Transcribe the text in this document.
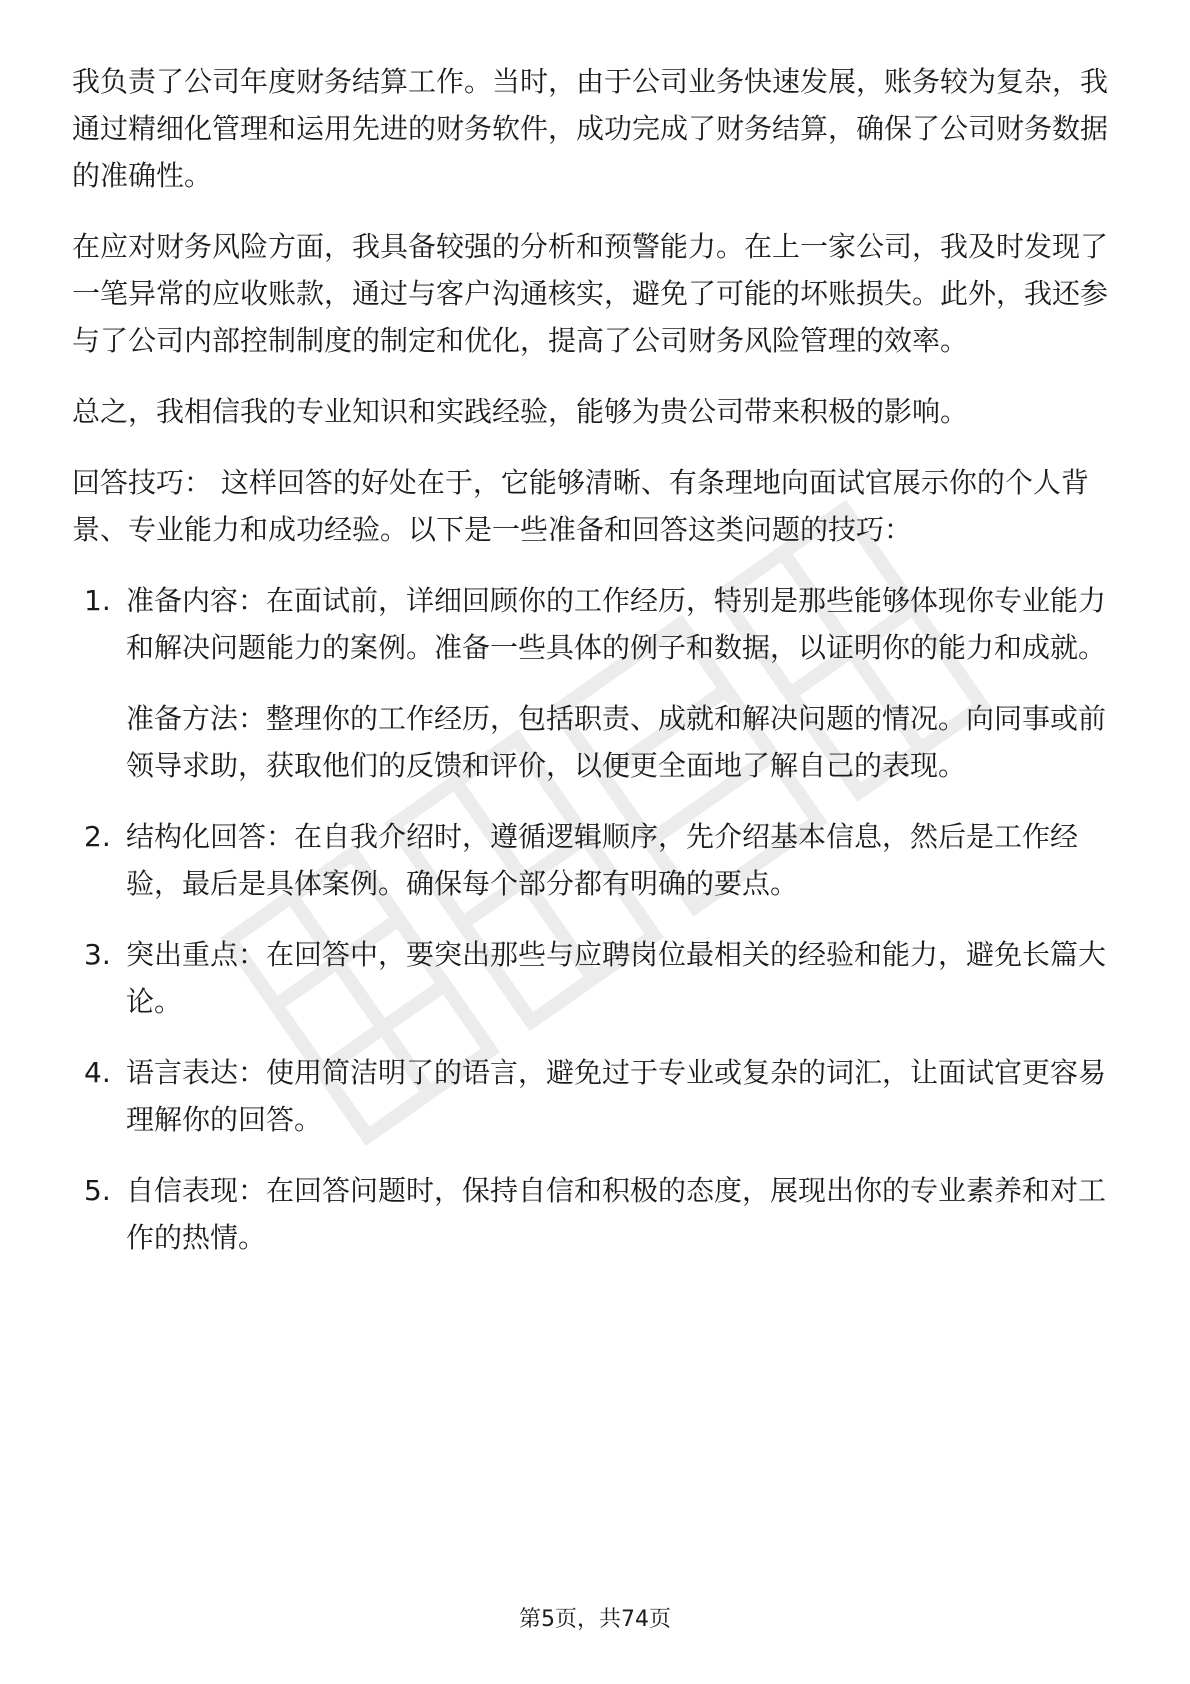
我负责了公司年度财务结算工作。当时，由于公司业务快速发展，账务较为复杂，我通过精细化管理和运用先进的财务软件，成功完成了财务结算，确保了公司财务数据的准确性。

在应对财务风险方面，我具备较强的分析和预警能力。在上一家公司，我及时发现了一笔异常的应收账款，通过与客户沟通核实，避免了可能的坏账损失。此外，我还参与了公司内部控制制度的制定和优化，提高了公司财务风险管理的效率。

总之，我相信我的专业知识和实践经验，能够为贵公司带来积极的影响。

回答技巧： 这样回答的好处在于，它能够清晰、有条理地向面试官展示你的个人背景、专业能力和成功经验。以下是一些准备和回答这类问题的技巧：

1. 准备内容：在面试前，详细回顾你的工作经历，特别是那些能够体现你专业能力和解决问题能力的案例。准备一些具体的例子和数据，以证明你的能力和成就。

准备方法：整理你的工作经历，包括职责、成就和解决问题的情况。向同事或前领导求助，获取他们的反馈和评价，以便更全面地了解自己的表现。

2. 结构化回答：在自我介绍时，遵循逻辑顺序，先介绍基本信息，然后是工作经验，最后是具体案例。确保每个部分都有明确的要点。

3. 突出重点：在回答中，要突出那些与应聘岗位最相关的经验和能力，避免长篇大论。

4. 语言表达：使用简洁明了的语言，避免过于专业或复杂的词汇，让面试官更容易理解你的回答。

5. 自信表现：在回答问题时，保持自信和积极的态度，展现出你的专业素养和对工作的热情。

第5页，共74页
